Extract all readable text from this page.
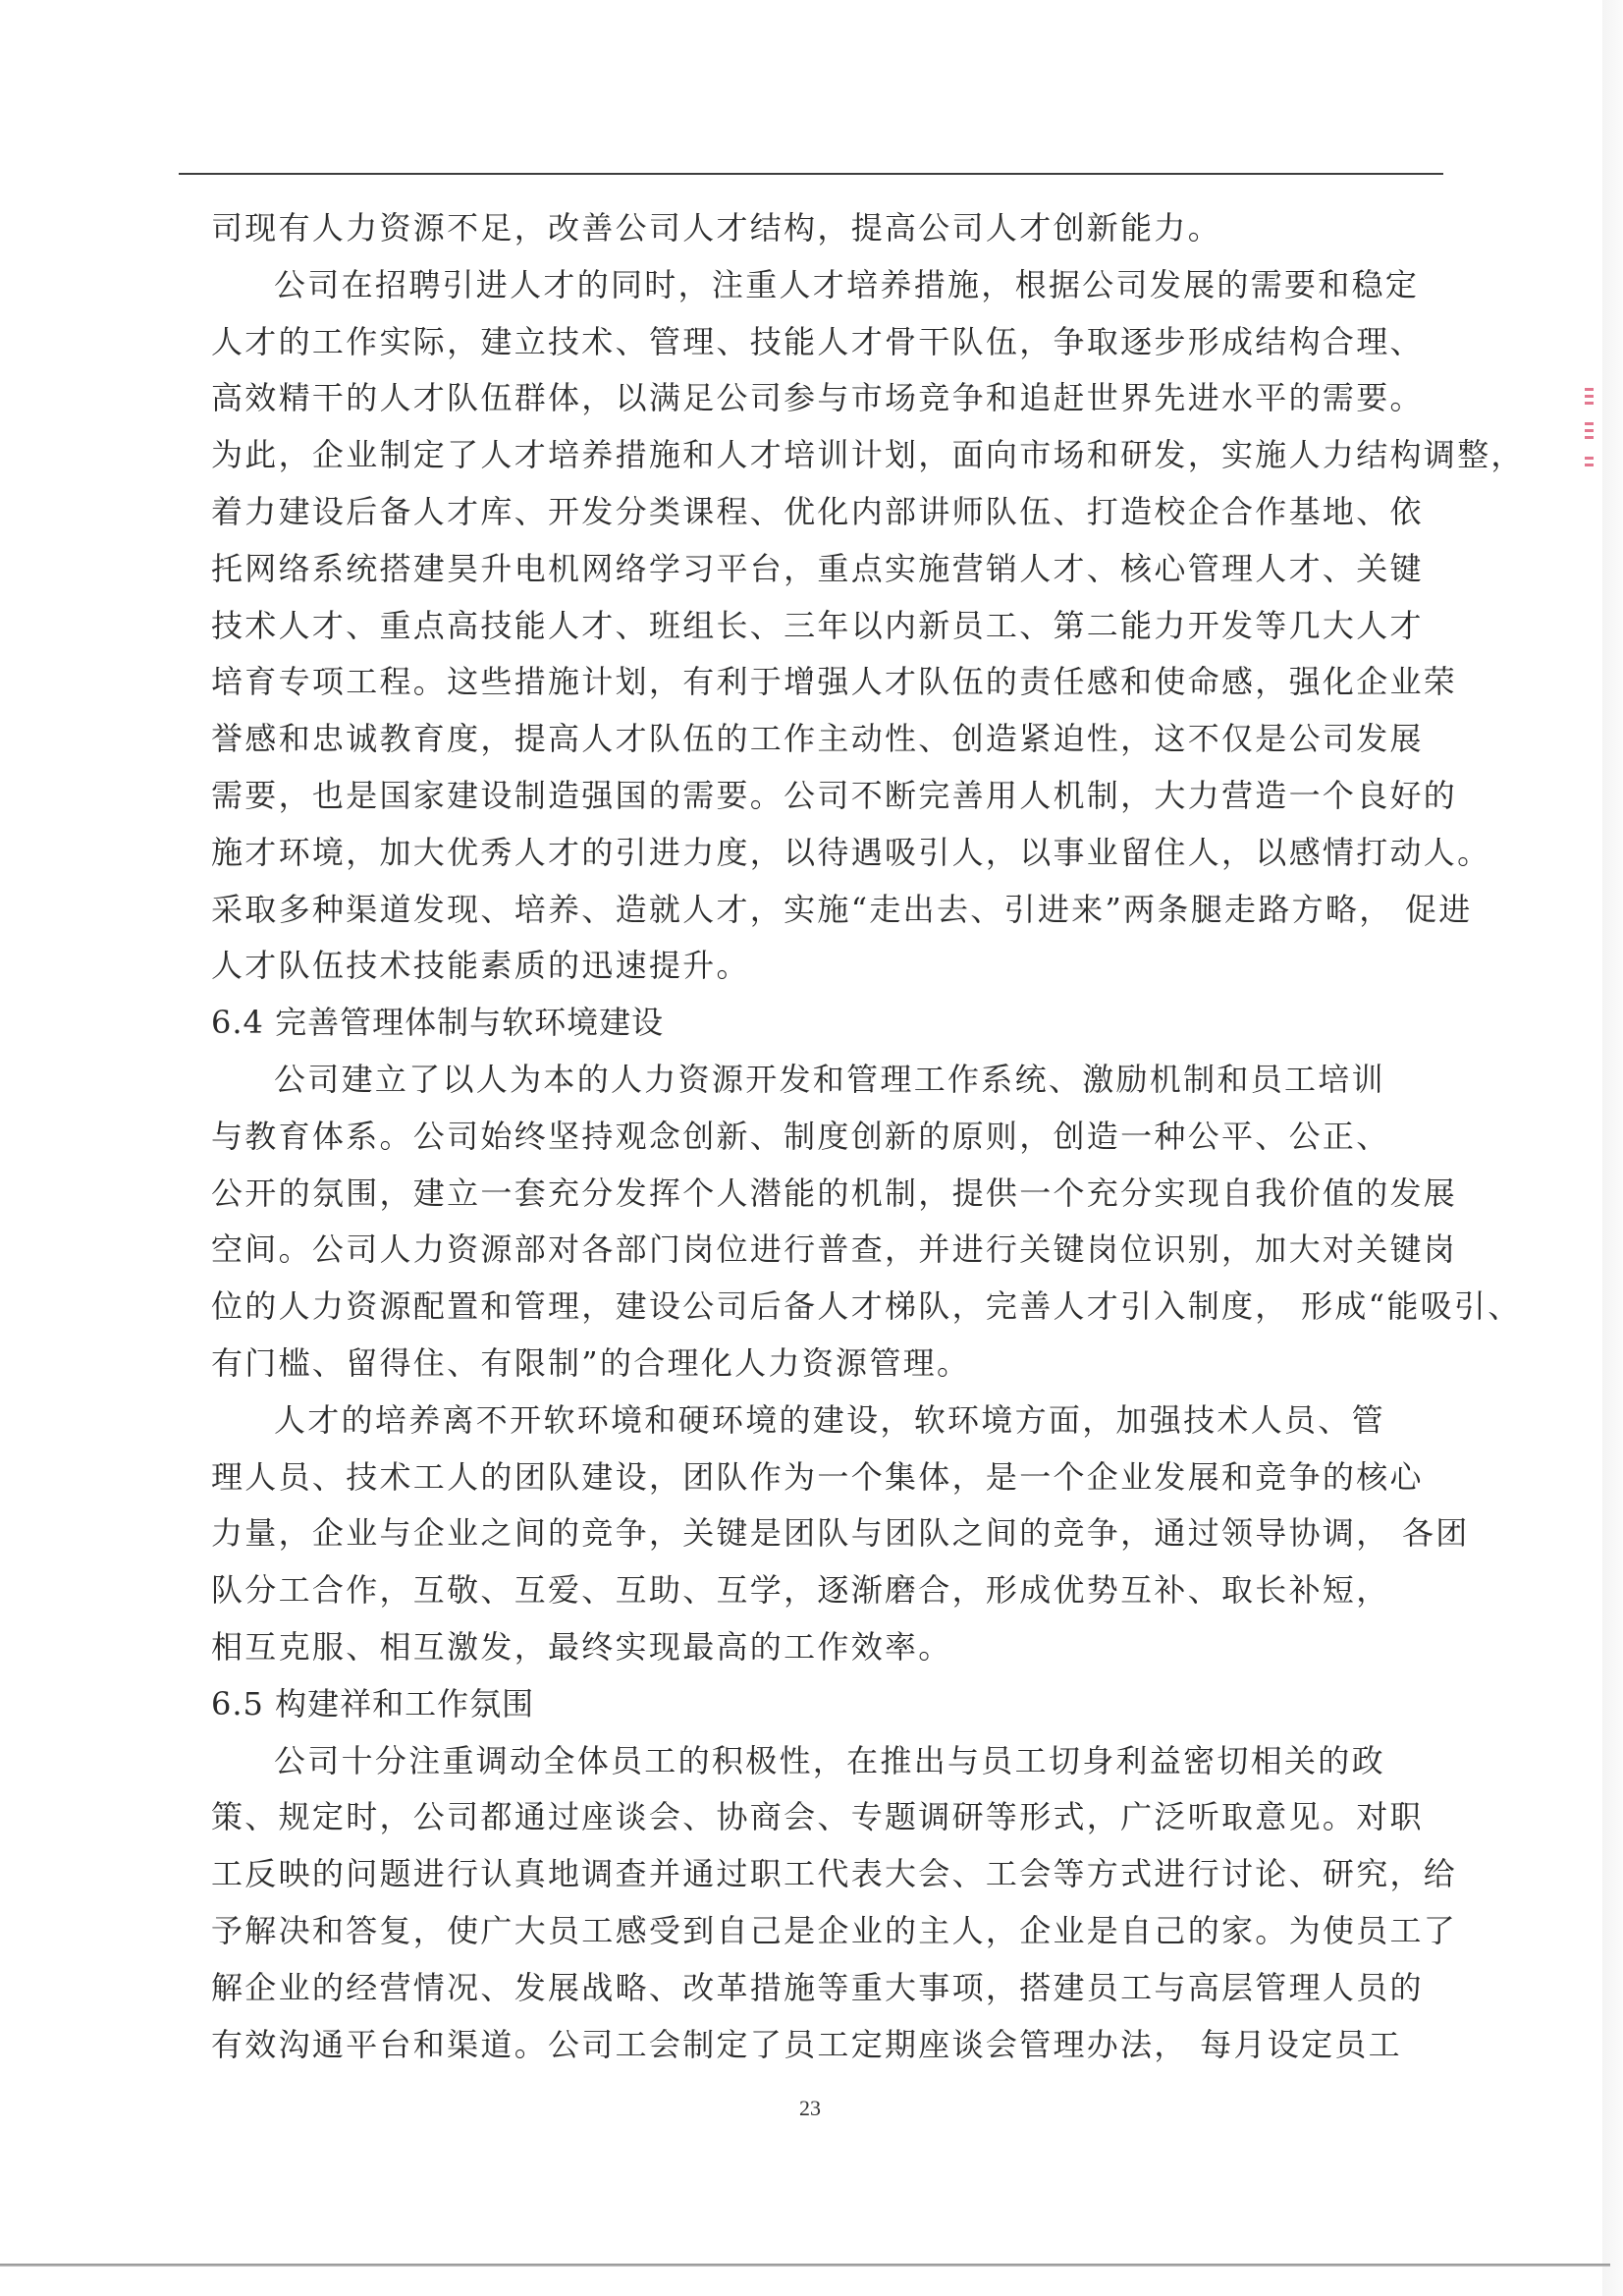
司现有人力资源不足，改善公司人才结构，提高公司人才创新能力。
公司在招聘引进人才的同时，注重人才培养措施，根据公司发展的需要和稳定
人才的工作实际，建立技术、管理、技能人才骨干队伍，争取逐步形成结构合理、
高效精干的人才队伍群体，以满足公司参与市场竞争和追赶世界先进水平的需要。
为此，企业制定了人才培养措施和人才培训计划，面向市场和研发，实施人力结构调整，
着力建设后备人才库、开发分类课程、优化内部讲师队伍、打造校企合作基地、依
托网络系统搭建昊升电机网络学习平台，重点实施营销人才、核心管理人才、关键
技术人才、重点高技能人才、班组长、三年以内新员工、第二能力开发等几大人才
培育专项工程。这些措施计划，有利于增强人才队伍的责任感和使命感，强化企业荣
誉感和忠诚教育度，提高人才队伍的工作主动性、创造紧迫性，这不仅是公司发展
需要，也是国家建设制造强国的需要。公司不断完善用人机制，大力营造一个良好的
施才环境，加大优秀人才的引进力度，以待遇吸引人，以事业留住人，以感情打动人。
采取多种渠道发现、培养、造就人才，实施“走出去、引进来”两条腿走路方略， 促进
人才队伍技术技能素质的迅速提升。
6.4 完善管理体制与软环境建设
公司建立了以人为本的人力资源开发和管理工作系统、激励机制和员工培训
与教育体系。公司始终坚持观念创新、制度创新的原则，创造一种公平、公正、
公开的氛围，建立一套充分发挥个人潜能的机制，提供一个充分实现自我价值的发展
空间。公司人力资源部对各部门岗位进行普查，并进行关键岗位识别，加大对关键岗
位的人力资源配置和管理，建设公司后备人才梯队，完善人才引入制度， 形成“能吸引、
有门槛、留得住、有限制”的合理化人力资源管理。
人才的培养离不开软环境和硬环境的建设，软环境方面，加强技术人员、管
理人员、技术工人的团队建设，团队作为一个集体，是一个企业发展和竞争的核心
力量，企业与企业之间的竞争，关键是团队与团队之间的竞争，通过领导协调， 各团
队分工合作，互敬、互爱、互助、互学，逐渐磨合，形成优势互补、取长补短，
相互克服、相互激发，最终实现最高的工作效率。
6.5 构建祥和工作氛围
公司十分注重调动全体员工的积极性，在推出与员工切身利益密切相关的政
策、规定时，公司都通过座谈会、协商会、专题调研等形式，广泛听取意见。对职
工反映的问题进行认真地调查并通过职工代表大会、工会等方式进行讨论、研究，给
予解决和答复，使广大员工感受到自己是企业的主人，企业是自己的家。为使员工了
解企业的经营情况、发展战略、改革措施等重大事项，搭建员工与高层管理人员的
有效沟通平台和渠道。公司工会制定了员工定期座谈会管理办法， 每月设定员工
23
